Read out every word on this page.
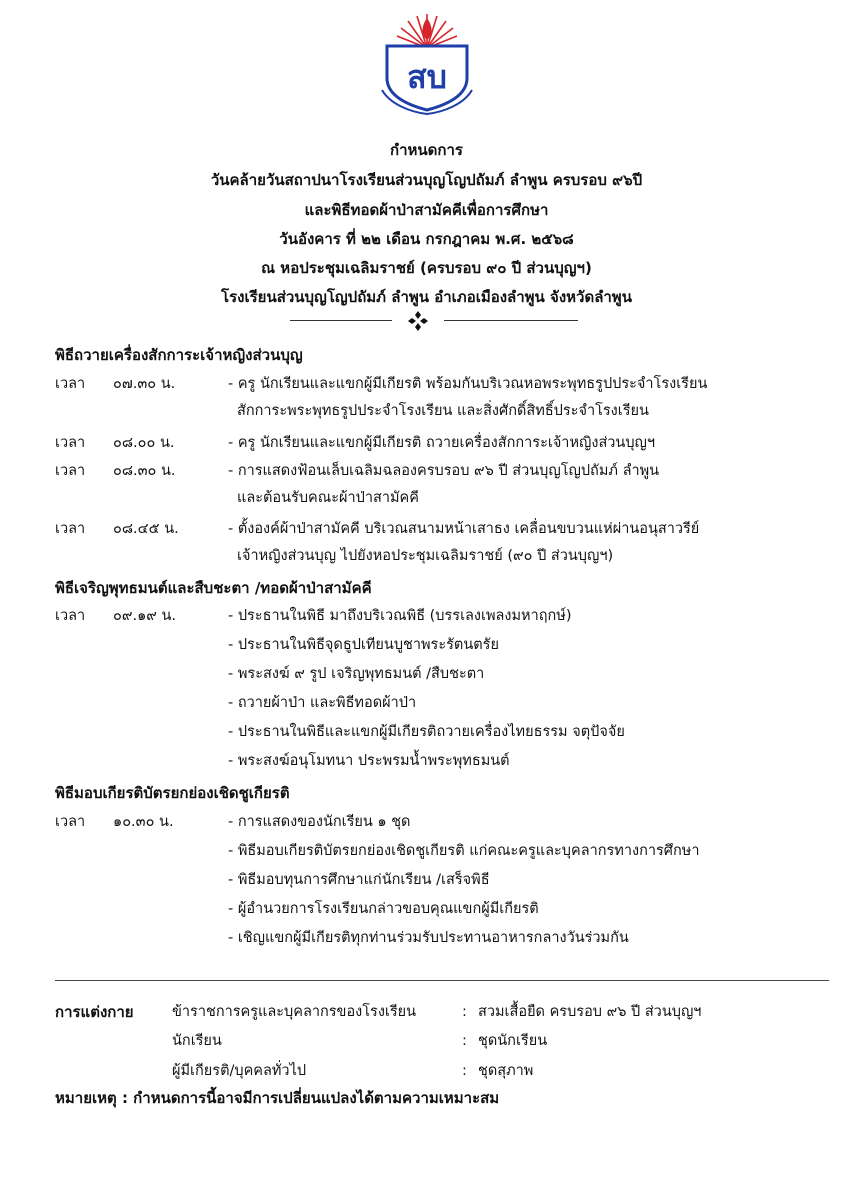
สบ
กำหนดการ
วันคล้ายวันสถาปนาโรงเรียนส่วนบุญโญปถัมภ์ ลำพูน ครบรอบ ๙๖ปี
และพิธีทอดผ้าป่าสามัคคีเพื่อการศึกษา
วันอังคาร ที่ ๒๒ เดือน กรกฎาคม พ.ศ. ๒๕๖๘
ณ หอประชุมเฉลิมราชย์ (ครบรอบ ๙๐ ปี ส่วนบุญฯ)
โรงเรียนส่วนบุญโญปถัมภ์ ลำพูน อำเภอเมืองลำพูน จังหวัดลำพูน
พิธีถวายเครื่องสักการะเจ้าหญิงส่วนบุญ
เวลา ๐๗.๓๐ น.	- ครู นักเรียนและแขกผู้มีเกียรติ พร้อมกันบริเวณหอพระพุทธรูปประจำโรงเรียน
สักการะพระพุทธรูปประจำโรงเรียน และสิ่งศักดิ์สิทธิ์ประจำโรงเรียน
เวลา ๐๘.๐๐ น.	- ครู นักเรียนและแขกผู้มีเกียรติ ถวายเครื่องสักการะเจ้าหญิงส่วนบุญฯ
เวลา ๐๘.๓๐ น.	- การแสดงฟ้อนเล็บเฉลิมฉลองครบรอบ ๙๖ ปี ส่วนบุญโญปถัมภ์ ลำพูน
และต้อนรับคณะผ้าป่าสามัคคี
เวลา ๐๘.๔๕ น.	- ตั้งองค์ผ้าป่าสามัคคี บริเวณสนามหน้าเสาธง เคลื่อนขบวนแห่ผ่านอนุสาวรีย์
เจ้าหญิงส่วนบุญ ไปยังหอประชุมเฉลิมราชย์ (๙๐ ปี ส่วนบุญฯ)
พิธีเจริญพุทธมนต์และสืบชะตา /ทอดผ้าป่าสามัคคี
เวลา ๐๙.๑๙ น.	- ประธานในพิธี มาถึงบริเวณพิธี (บรรเลงเพลงมหาฤกษ์)
- ประธานในพิธีจุดธูปเทียนบูชาพระรัตนตรัย
- พระสงฆ์ ๙ รูป เจริญพุทธมนต์ /สืบชะตา
- ถวายผ้าป่า และพิธีทอดผ้าป่า
- ประธานในพิธีและแขกผู้มีเกียรติถวายเครื่องไทยธรรม จตุปัจจัย
- พระสงฆ์อนุโมทนา ประพรมน้ำพระพุทธมนต์
พิธีมอบเกียรติบัตรยกย่องเชิดชูเกียรติ
เวลา ๑๐.๓๐ น.	- การแสดงของนักเรียน ๑ ชุด
- พิธีมอบเกียรติบัตรยกย่องเชิดชูเกียรติ แก่คณะครูและบุคลากรทางการศึกษา
- พิธีมอบทุนการศึกษาแก่นักเรียน /เสร็จพิธี
- ผู้อำนวยการโรงเรียนกล่าวขอบคุณแขกผู้มีเกียรติ
- เชิญแขกผู้มีเกียรติทุกท่านร่วมรับประทานอาหารกลางวันร่วมกัน
การแต่งกาย	ข้าราชการครูและบุคลากรของโรงเรียน	: สวมเสื้อยืด ครบรอบ ๙๖ ปี ส่วนบุญฯ
นักเรียน	: ชุดนักเรียน
ผู้มีเกียรติ/บุคคลทั่วไป	: ชุดสุภาพ
หมายเหตุ : กำหนดการนี้อาจมีการเปลี่ยนแปลงได้ตามความเหมาะสม
